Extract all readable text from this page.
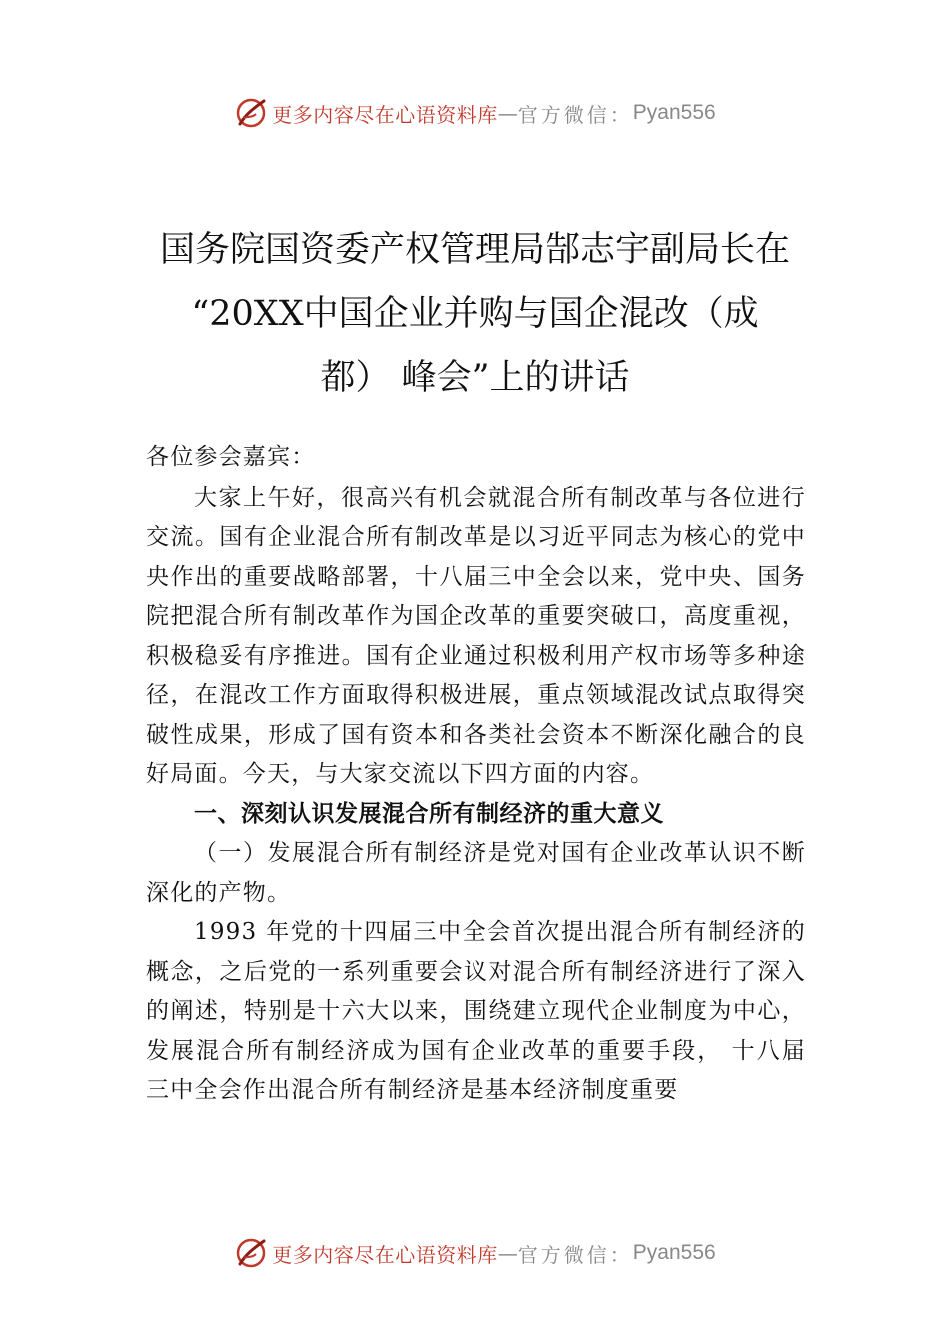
更多内容尽在心语资料库 — 官方微信： Pyan556
国务院国资委产权管理局郜志宇副局长在
“20XX中国企业并购与国企混改（成
都） 峰会”上的讲话

各位参会嘉宾：

大家上午好，很高兴有机会就混合所有制改革与各位进行交流。国有企业混合所有制改革是以习近平同志为核心的党中央作出的重要战略部署，十八届三中全会以来，党中央、国务院把混合所有制改革作为国企改革的重要突破口，高度重视，积极稳妥有序推进。国有企业通过积极利用产权市场等多种途径，在混改工作方面取得积极进展，重点领域混改试点取得突破性成果，形成了国有资本和各类社会资本不断深化融合的良好局面。今天，与大家交流以下四方面的内容。

一、深刻认识发展混合所有制经济的重大意义

（一）发展混合所有制经济是党对国有企业改革认识不断深化的产物。

1993 年党的十四届三中全会首次提出混合所有制经济的概念，之后党的一系列重要会议对混合所有制经济进行了深入的阐述，特别是十六大以来，围绕建立现代企业制度为中心，发展混合所有制经济成为国有企业改革的重要手段， 十八届三中全会作出混合所有制经济是基本经济制度重要

更多内容尽在心语资料库 — 官方微信： Pyan556
